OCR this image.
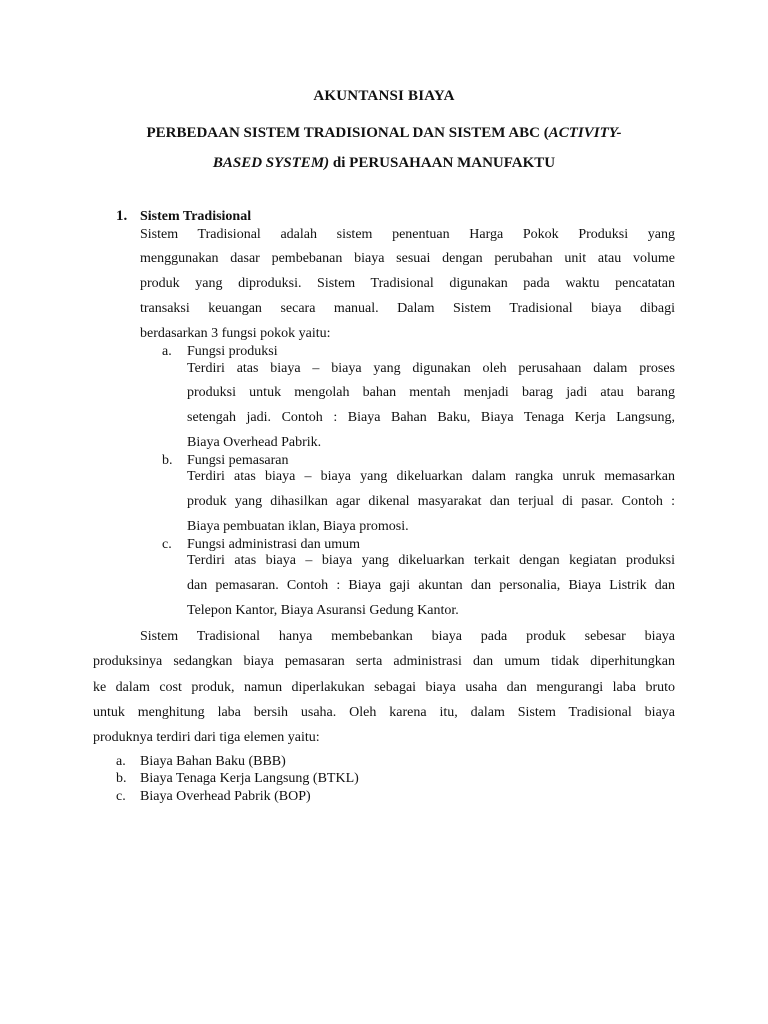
AKUNTANSI BIAYA
PERBEDAAN SISTEM TRADISIONAL DAN SISTEM ABC (ACTIVITY-
BASED SYSTEM) di PERUSAHAAN MANUFAKTU
1. Sistem Tradisional
Sistem Tradisional adalah sistem penentuan Harga Pokok Produksi yang
menggunakan dasar pembebanan biaya sesuai dengan perubahan unit atau volume
produk yang diproduksi. Sistem Tradisional digunakan pada waktu pencatatan
transaksi keuangan secara manual. Dalam Sistem Tradisional biaya dibagi
berdasarkan 3 fungsi pokok yaitu:
a. Fungsi produksi
Terdiri atas biaya – biaya yang digunakan oleh perusahaan dalam proses
produksi untuk mengolah bahan mentah menjadi barag jadi atau barang
setengah jadi. Contoh : Biaya Bahan Baku, Biaya Tenaga Kerja Langsung,
Biaya Overhead Pabrik.
b. Fungsi pemasaran
Terdiri atas biaya – biaya yang dikeluarkan dalam rangka unruk memasarkan
produk yang dihasilkan agar dikenal masyarakat dan terjual di pasar. Contoh :
Biaya pembuatan iklan, Biaya promosi.
c. Fungsi administrasi dan umum
Terdiri atas biaya – biaya yang dikeluarkan terkait dengan kegiatan produksi
dan pemasaran. Contoh : Biaya gaji akuntan dan personalia, Biaya Listrik dan
Telepon Kantor, Biaya Asuransi Gedung Kantor.
Sistem Tradisional hanya membebankan biaya pada produk sebesar biaya
produksinya sedangkan biaya pemasaran serta administrasi dan umum tidak diperhitungkan
ke dalam cost produk, namun diperlakukan sebagai biaya usaha dan mengurangi laba bruto
untuk menghitung laba bersih usaha. Oleh karena itu, dalam Sistem Tradisional biaya
produknya terdiri dari tiga elemen yaitu:
a. Biaya Bahan Baku (BBB)
b. Biaya Tenaga Kerja Langsung (BTKL)
c. Biaya Overhead Pabrik (BOP)
